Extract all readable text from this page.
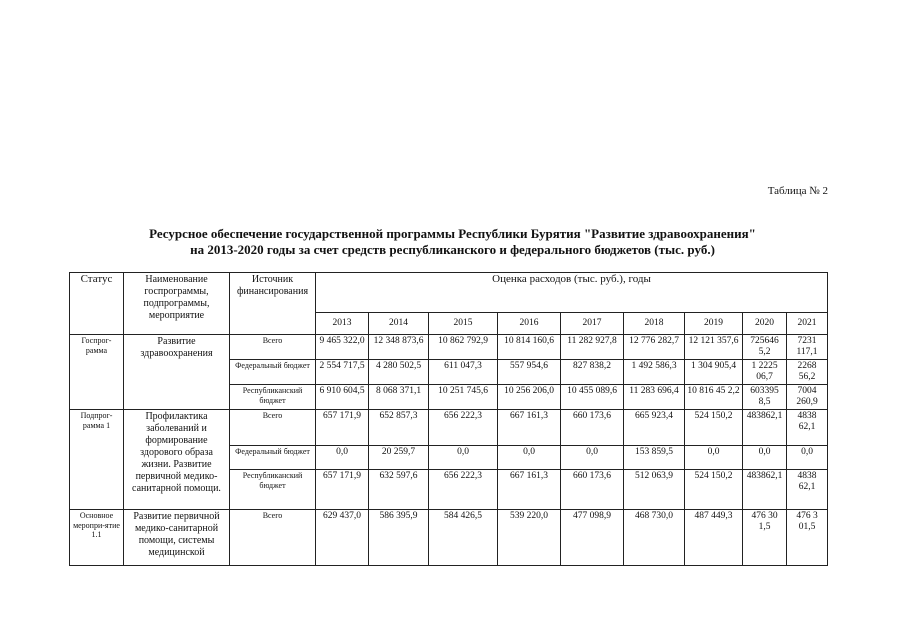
Таблица № 2
Ресурсное обеспечение государственной программы Республики Бурятия "Развитие здравоохранения"
на 2013-2020 годы за счет средств республиканского и федерального бюджетов (тыс. руб.)
Статус	Наименование госпрограммы, подпрограммы, мероприятие	Источник финансирования	Оценка расходов (тыс. руб.), годы								
			2013	2014	2015	2016	2017	2018	2019	2020	2021
Госпрог-рамма	Развитие здравоохранения	Всего	9 465 322,0	12 348 873,6	10 862 792,9	10 814 160,6	11 282 927,8	12 776 282,7	12 121 357,6	725646 5,2	7231 117,1
		Федеральный бюджет	2 554 717,5	4 280 502,5	611 047,3	557 954,6	827 838,2	1 492 586,3	1 304 905,4	1 2225 06,7	2268 56,2
		Республиканский бюджет	6 910 604,5	8 068 371,1	10 251 745,6	10 256 206,0	10 455 089,6	11 283 696,4	10 816 45 2,2	603395 8,5	7004 260,9
Подпрог-рамма 1	Профилактика заболеваний и формирование здорового образа жизни. Развитие первичной медико-санитарной помощи.	Всего	657 171,9	652 857,3	656 222,3	667 161,3	660 173,6	665 923,4	524 150,2	483862,1	4838 62,1
		Федеральный бюджет	0,0	20 259,7	0,0	0,0	0,0	153 859,5	0,0	0,0	0,0
		Республиканский бюджет	657 171,9	632 597,6	656 222,3	667 161,3	660 173,6	512 063,9	524 150,2	483862,1	4838 62,1
Основное меропри-ятие 1.1	Развитие первичной медико-санитарной помощи, системы медицинской	Всего	629 437,0	586 395,9	584 426,5	539 220,0	477 098,9	468 730,0	487 449,3	476 30 1,5	476 3 01,5
